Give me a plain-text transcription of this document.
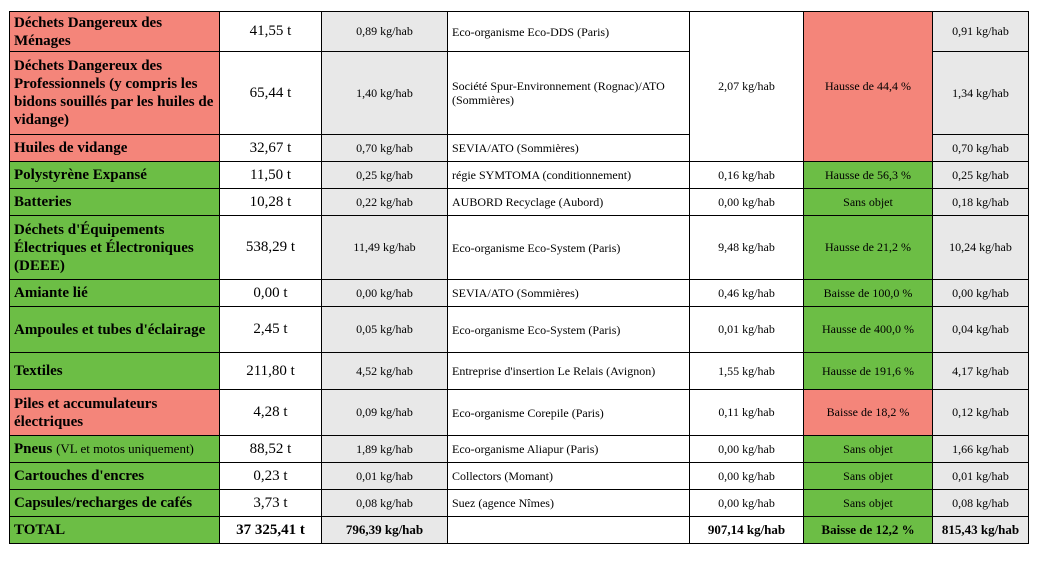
Déchets Dangereux des Ménages	41,55 t	0,89 kg/hab	Eco-organisme Eco-DDS (Paris)	2,07 kg/hab	Hausse de 44,4 %	0,91 kg/hab
Déchets Dangereux des Professionnels (y compris les bidons souillés par les huiles de vidange)	65,44 t	1,40 kg/hab	Société Spur-Environnement (Rognac)/ATO (Sommières)			1,34 kg/hab
Huiles de vidange	32,67 t	0,70 kg/hab	SEVIA/ATO (Sommières)			0,70 kg/hab
Polystyrène Expansé	11,50 t	0,25 kg/hab	régie SYMTOMA (conditionnement)	0,16 kg/hab	Hausse de 56,3 %	0,25 kg/hab
Batteries	10,28 t	0,22 kg/hab	AUBORD Recyclage (Aubord)	0,00 kg/hab	Sans objet	0,18 kg/hab
Déchets d'Équipements Électriques et Électroniques (DEEE)	538,29 t	11,49 kg/hab	Eco-organisme Eco-System (Paris)	9,48 kg/hab	Hausse de 21,2 %	10,24 kg/hab
Amiante lié	0,00 t	0,00 kg/hab	SEVIA/ATO (Sommières)	0,46 kg/hab	Baisse de 100,0 %	0,00 kg/hab
Ampoules et tubes d'éclairage	2,45 t	0,05 kg/hab	Eco-organisme Eco-System (Paris)	0,01 kg/hab	Hausse de 400,0 %	0,04 kg/hab
Textiles	211,80 t	4,52 kg/hab	Entreprise d'insertion Le Relais (Avignon)	1,55 kg/hab	Hausse de 191,6 %	4,17 kg/hab
Piles et accumulateurs électriques	4,28 t	0,09 kg/hab	Eco-organisme Corepile (Paris)	0,11 kg/hab	Baisse de 18,2 %	0,12 kg/hab
Pneus (VL et motos uniquement)	88,52 t	1,89 kg/hab	Eco-organisme Aliapur (Paris)	0,00 kg/hab	Sans objet	1,66 kg/hab
Cartouches d'encres	0,23 t	0,01 kg/hab	Collectors (Momant)	0,00 kg/hab	Sans objet	0,01 kg/hab
Capsules/recharges de cafés	3,73 t	0,08 kg/hab	Suez (agence Nîmes)	0,00 kg/hab	Sans objet	0,08 kg/hab
TOTAL	37 325,41 t	796,39 kg/hab		907,14 kg/hab	Baisse de 12,2 %	815,43 kg/hab
